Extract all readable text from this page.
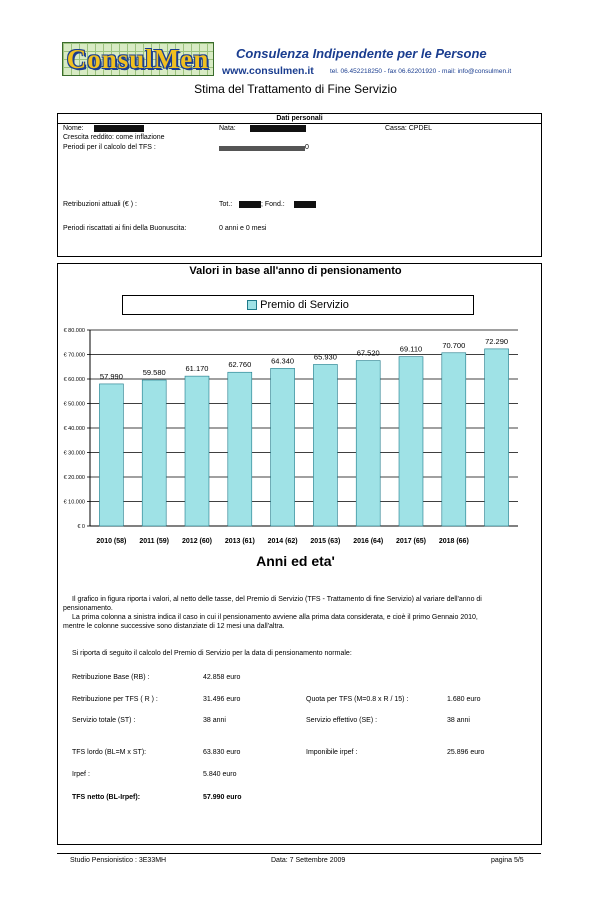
ConsulMen Consulenza Indipendente per le Persone
www.consulmen.it tel. 06.452218250 - fax 06.62201920 - mail: info@consulmen.it
Stima del Trattamento di Fine Servizio
Dati personali
Nome:	Nata:	Cassa: CPDEL
Crescita reddito: come inflazione
Periodi per il calcolo del TFS :	0
Retribuzioni attuali (€ ) :	Tot.:	; Fond.:
Periodi riscattati ai fini della Buonuscita:	0 anni e 0 mesi
Valori in base all'anno di pensionamento
Premio di Servizio
€ 0
€ 10.000
€ 20.000
€ 30.000
€ 40.000
€ 50.000
€ 60.000
€ 70.000
€ 80.000
57.990
2010 (58)
59.580
2011 (59)
61.170
2012 (60)
62.760
2013 (61)
64.340
2014 (62)
65.930
2015 (63)
67.520
2016 (64)
69.110
2017 (65)
70.700
2018 (66)
72.290
Anni ed eta'
Il grafico in figura riporta i valori, al netto delle tasse, del Premio di Servizio (TFS - Trattamento di fine Servizio) al variare dell'anno di
pensionamento.
La prima colonna a sinistra indica il caso in cui il pensionamento avviene alla prima data considerata, e cioè il primo Gennaio 2010,
mentre le colonne successive sono distanziate di 12 mesi una dall'altra.
Si riporta di seguito il calcolo del Premio di Servizio per la data di pensionamento normale:
Retribuzione Base (RB) :	42.858 euro
Retribuzione per TFS ( R ) :	31.496 euro	Quota per TFS (M=0.8 x R / 15) :	1.680 euro
Servizio totale (ST) :	38 anni	Servizio effettivo (SE) :	38 anni
TFS lordo (BL=M x ST):	63.830 euro	Imponibile irpef :	25.896 euro
Irpef :	5.840 euro
TFS netto (BL-Irpef):	57.990 euro
Studio Pensionistico : 3E33MH	Data: 7 Settembre 2009	pagina 5/5
